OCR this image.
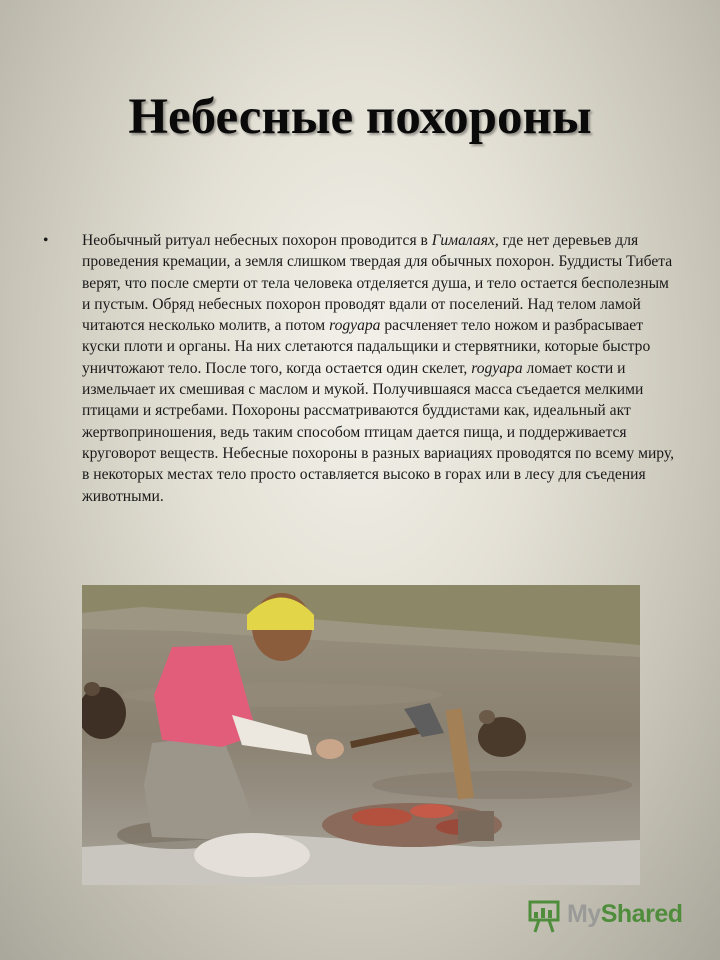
Небесные похороны
• Необычный ритуал небесных похорон проводится в Гималаях, где нет деревьев для проведения кремации, а земля слишком твердая для обычных похорон. Буддисты Тибета верят, что после смерти от тела человека отделяется душа, и тело остается бесполезным и пустым. Обряд небесных похорон проводят вдали от поселений. Над телом ламой читаются несколько молитв, а потом rogyapa расчленяет тело ножом и разбрасывает куски плоти и органы. На них слетаются падальщики и стервятники, которые быстро уничтожают тело. После того, когда остается один скелет, rogyapa ломает кости и измельчает их смешивая с маслом и мукой. Получившаяся масса съедается мелкими птицами и ястребами. Похороны рассматриваются буддистами как, идеальный акт жертвоприношения, ведь таким способом птицам дается пища, и поддерживается круговорот веществ. Небесные похороны в разных вариациях проводятся по всему миру, в некоторых местах тело просто оставляется высоко в горах или в лесу для съедения животными.
MyShared
